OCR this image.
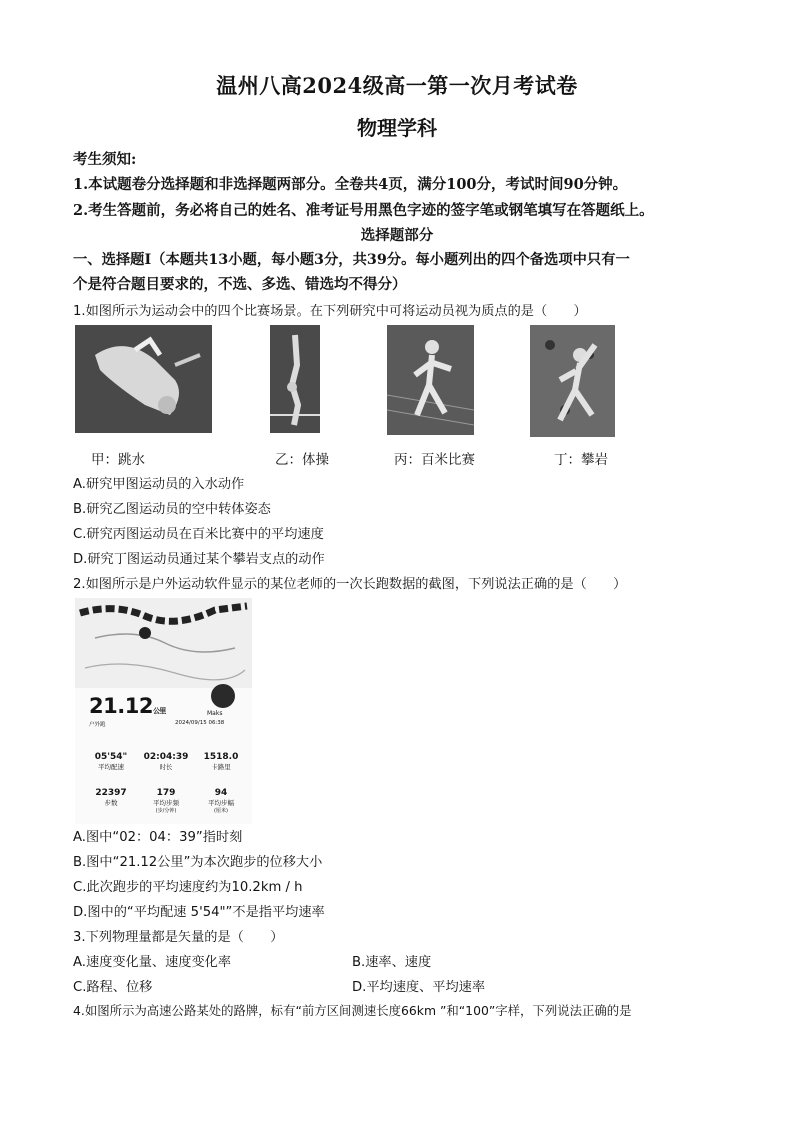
温州八高2024级高一第一次月考试卷
物理学科
考生须知:
1.本试题卷分选择题和非选择题两部分。全卷共4页，满分100分，考试时间90分钟。
2.考生答题前，务必将自己的姓名、准考证号用黑色字迹的签字笔或钢笔填写在答题纸上。
选择题部分
一、选择题Ⅰ（本题共13小题，每小题3分，共39分。每小题列出的四个备选项中只有一
个是符合题目要求的，不选、多选、错选均不得分）
1.如图所示为运动会中的四个比赛场景。在下列研究中可将运动员视为质点的是（　　）
甲：跳水	乙：体操	丙：百米比赛	丁：攀岩
A.研究甲图运动员的入水动作
B.研究乙图运动员的空中转体姿态
C.研究丙图运动员在百米比赛中的平均速度
D.研究丁图运动员通过某个攀岩支点的动作
2.如图所示是户外运动软件显示的某位老师的一次长跑数据的截图，下列说法正确的是（　　）
21.12公里	Maks
户外跑	2024/09/15 06:38
05'54"
平均配速
02:04:39
时长
1518.0
卡路里
22397
步数
179
平均步频
(步/分钟)
94
平均步幅
(厘米)
A.图中“02：04：39”指时刻
B.图中“21.12公里”为本次跑步的位移大小
C.此次跑步的平均速度约为10.2km / h
D.图中的“平均配速 5'54"”不是指平均速率
3.下列物理量都是矢量的是（　　）
A.速度变化量、速度变化率	B.速率、速度
C.路程、位移	D.平均速度、平均速率
4.如图所示为高速公路某处的路牌，标有“前方区间测速长度66km ”和“100”字样，下列说法正确的是
